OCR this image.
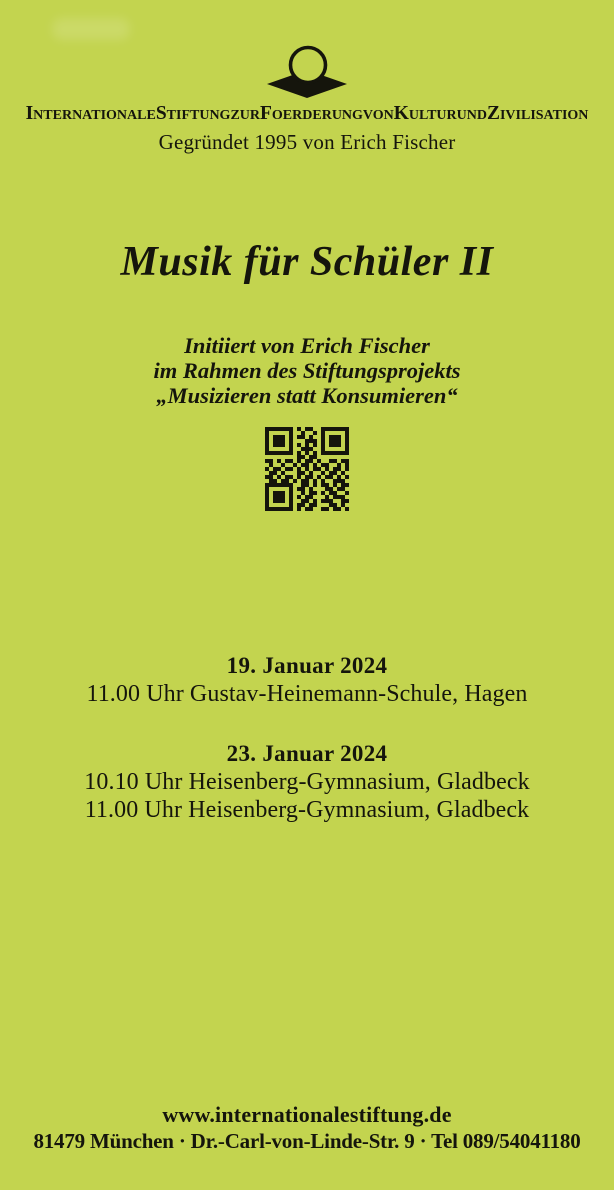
InternationaleStiftungzurFoerderungvonKulturundZivilisation
Gegründet 1995 von Erich Fischer
Musik für Schüler II
Initiiert von Erich Fischer
im Rahmen des Stiftungsprojekts
„Musizieren statt Konsumieren“
19. Januar 2024
11.00 Uhr Gustav-Heinemann-Schule, Hagen
23. Januar 2024
10.10 Uhr Heisenberg-Gymnasium, Gladbeck
11.00 Uhr Heisenberg-Gymnasium, Gladbeck
www.internationalestiftung.de
81479 München · Dr.-Carl-von-Linde-Str. 9 · Tel 089/54041180
